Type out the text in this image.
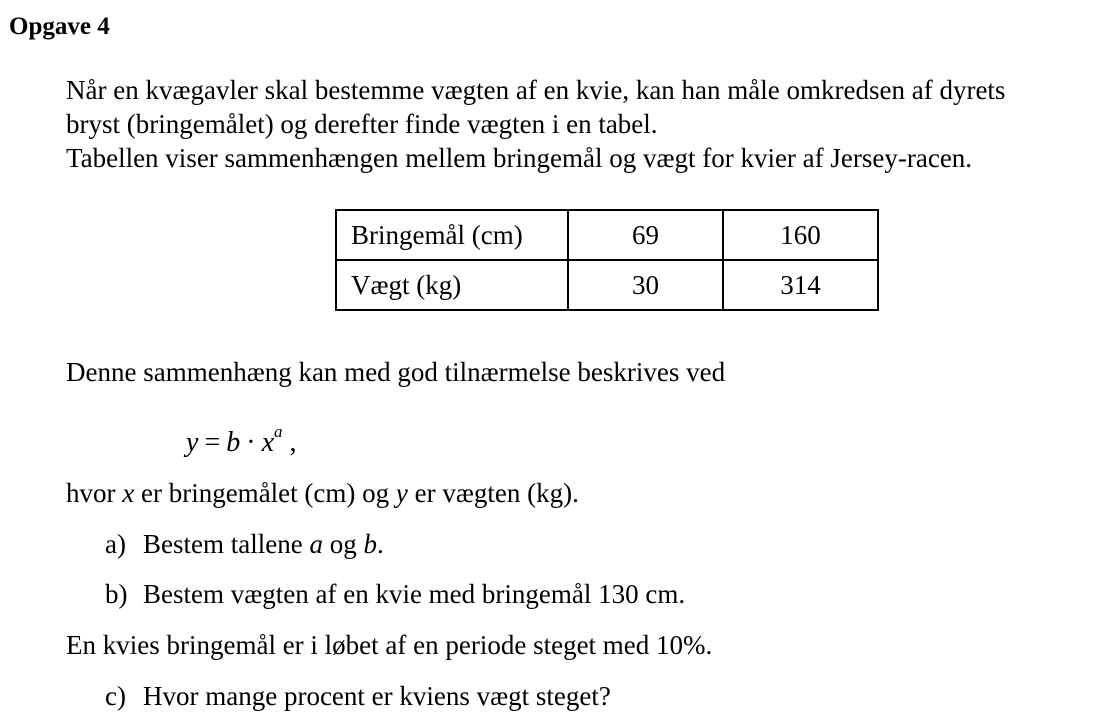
Opgave 4
Når en kvægavler skal bestemme vægten af en kvie, kan han måle omkredsen af dyrets
bryst (bringemålet) og derefter finde vægten i en tabel.
Tabellen viser sammenhængen mellem bringemål og vægt for kvier af Jersey-racen.
Bringemål (cm)	69	160
Vægt (kg)	30	314
Denne sammenhæng kan med god tilnærmelse beskrives ved
$y = b \cdot x^a$ ,
hvor x er bringemålet (cm) og y er vægten (kg).
a) Bestem tallene a og b.
b) Bestem vægten af en kvie med bringemål 130 cm.
En kvies bringemål er i løbet af en periode steget med 10%.
c) Hvor mange procent er kviens vægt steget?
